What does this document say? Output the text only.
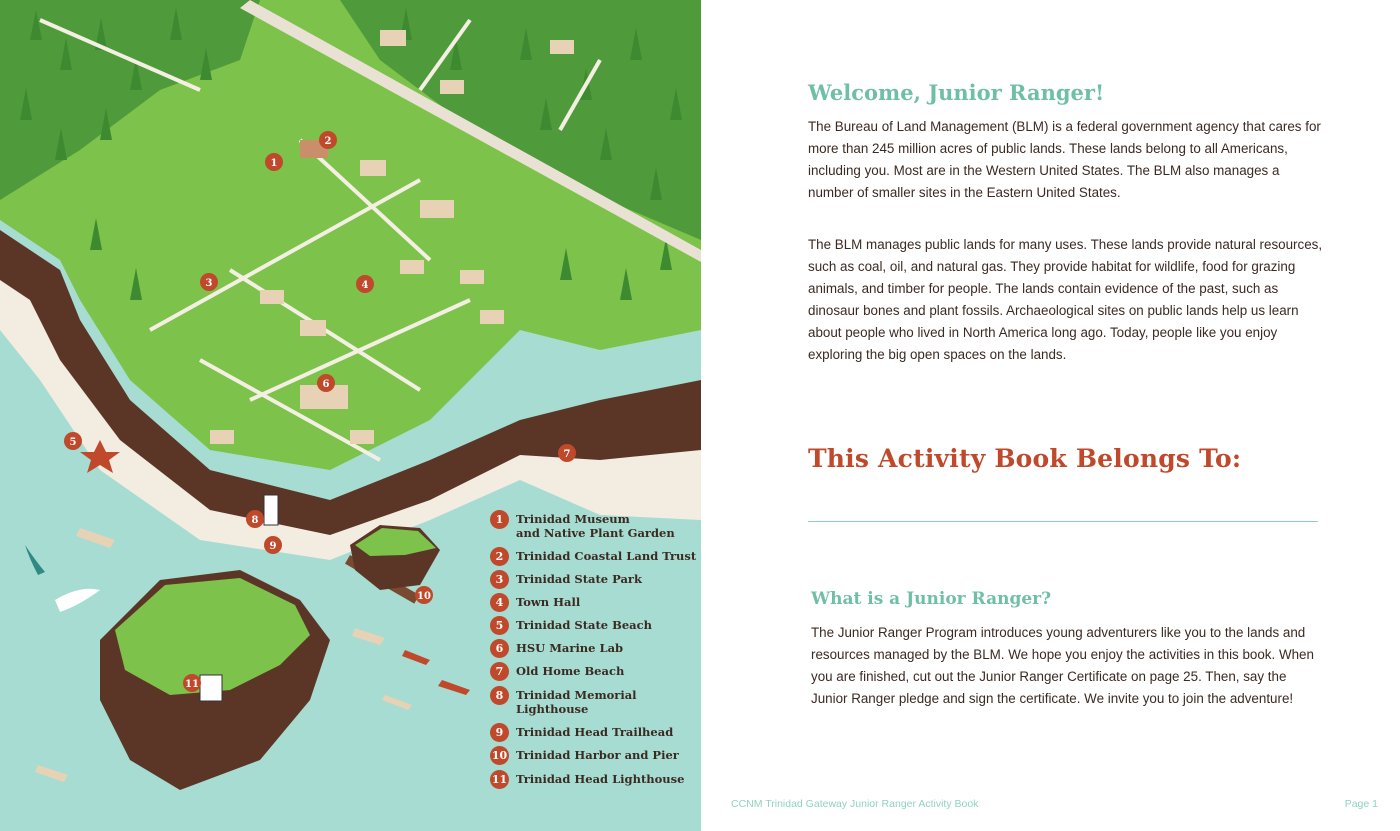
1
2
3	4
5
6
7
8
9
10
11
1	Trinidad Museum
and Native Plant Garden
2	Trinidad Coastal Land Trust
3	Trinidad State Park
4	Town Hall
5	Trinidad State Beach
6	HSU Marine Lab
7	Old Home Beach
8	Trinidad Memorial
Lighthouse
9	Trinidad Head Trailhead
10 Trinidad Harbor and Pier
11 Trinidad Head Lighthouse
Welcome, Junior Ranger!

The Bureau of Land Management (BLM) is a federal government agency that cares for more than 245 million acres of public lands. These lands belong to all Americans, including you. Most are in the Western United States. The BLM also manages a number of smaller sites in the Eastern United States.

The BLM manages public lands for many uses. These lands provide natural resources, such as coal, oil, and natural gas. They provide habitat for wildlife, food for grazing animals, and timber for people. The lands contain evidence of the past, such as dinosaur bones and plant fossils. Archaeological sites on public lands help us learn about people who lived in North America long ago. Today, people like you enjoy exploring the big open spaces on the lands.

This Activity Book Belongs To:
What is a Junior Ranger?

The Junior Ranger Program introduces young adventurers like you to the lands and resources managed by the BLM. We hope you enjoy the activities in this book. When you are finished, cut out the Junior Ranger Certificate on page 25. Then, say the Junior Ranger pledge and sign the certificate. We invite you to join the adventure!

CCNM Trinidad Gateway Junior Ranger Activity Book	Page 1
